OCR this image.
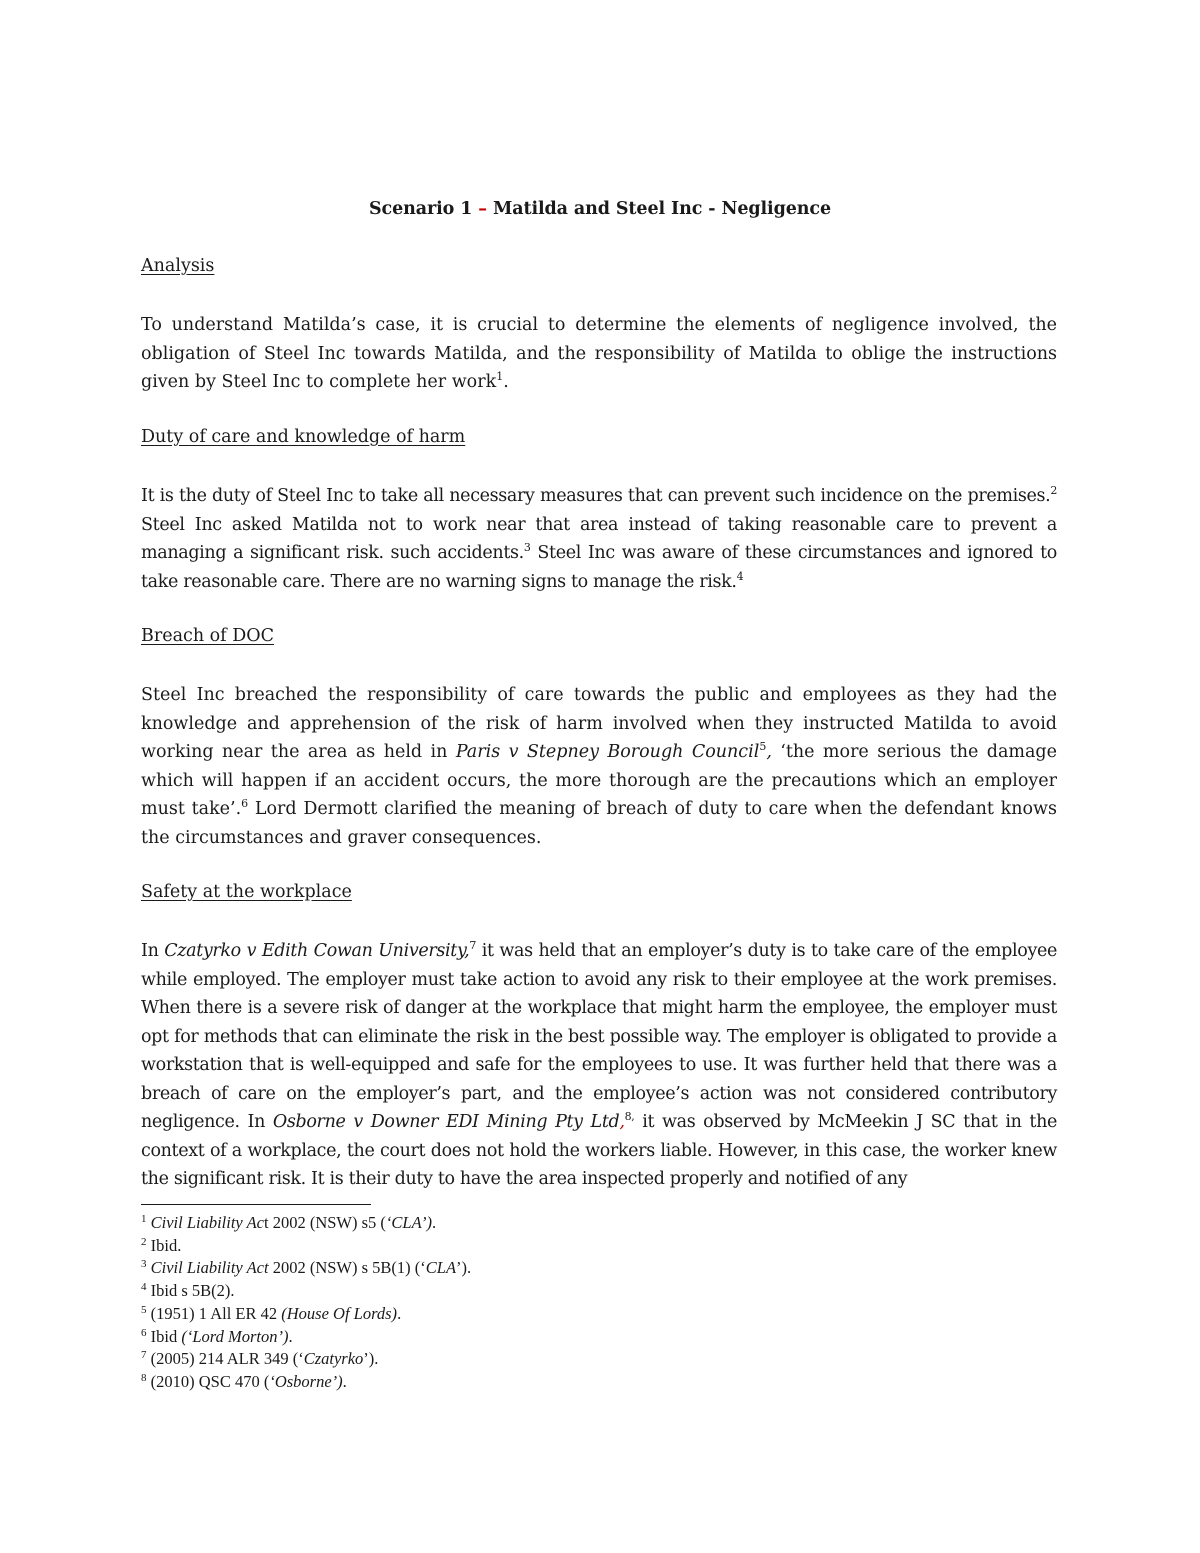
Scenario 1 – Matilda and Steel Inc - Negligence
Analysis
To understand Matilda’s case, it is crucial to determine the elements of negligence involved, the obligation of Steel Inc towards Matilda, and the responsibility of Matilda to oblige the instructions given by Steel Inc to complete her work$^1$.
Duty of care and knowledge of harm
It is the duty of Steel Inc to take all necessary measures that can prevent such incidence on the premises.$^2$ Steel Inc asked Matilda not to work near that area instead of taking reasonable care to prevent a managing a significant risk. such accidents.$^3$ Steel Inc was aware of these circumstances and ignored to take reasonable care. There are no warning signs to manage the risk.$^4$
Breach of DOC
Steel Inc breached the responsibility of care towards the public and employees as they had the knowledge and apprehension of the risk of harm involved when they instructed Matilda to avoid working near the area as held in Paris v Stepney Borough Council$^5$, ‘the more serious the damage which will happen if an accident occurs, the more thorough are the precautions which an employer must take’.$^6$ Lord Dermott clarified the meaning of breach of duty to care when the defendant knows the circumstances and graver consequences.
Safety at the workplace
In Czatyrko v Edith Cowan University,$^7$ it was held that an employer’s duty is to take care of the employee while employed. The employer must take action to avoid any risk to their employee at the work premises. When there is a severe risk of danger at the workplace that might harm the employee, the employer must opt for methods that can eliminate the risk in the best possible way. The employer is obligated to provide a workstation that is well-equipped and safe for the employees to use. It was further held that there was a breach of care on the employer’s part, and the employee’s action was not considered contributory negligence. In Osborne v Downer EDI Mining Pty Ltd,$^{8,}$ it was observed by McMeekin J SC that in the context of a workplace, the court does not hold the workers liable. However, in this case, the worker knew the significant risk. It is their duty to have the area inspected properly and notified of any
$^1$ Civil Liability Act 2002 (NSW) s5 (‘CLA’).
$^2$ Ibid.
$^3$ Civil Liability Act 2002 (NSW) s 5B(1) (‘CLA’).
$^4$ Ibid s 5B(2).
$^5$ (1951) 1 All ER 42 (House Of Lords).
$^6$ Ibid (‘Lord Morton’).
$^7$ (2005) 214 ALR 349 (‘Czatyrko’).
$^8$ (2010) QSC 470 (‘Osborne’).
